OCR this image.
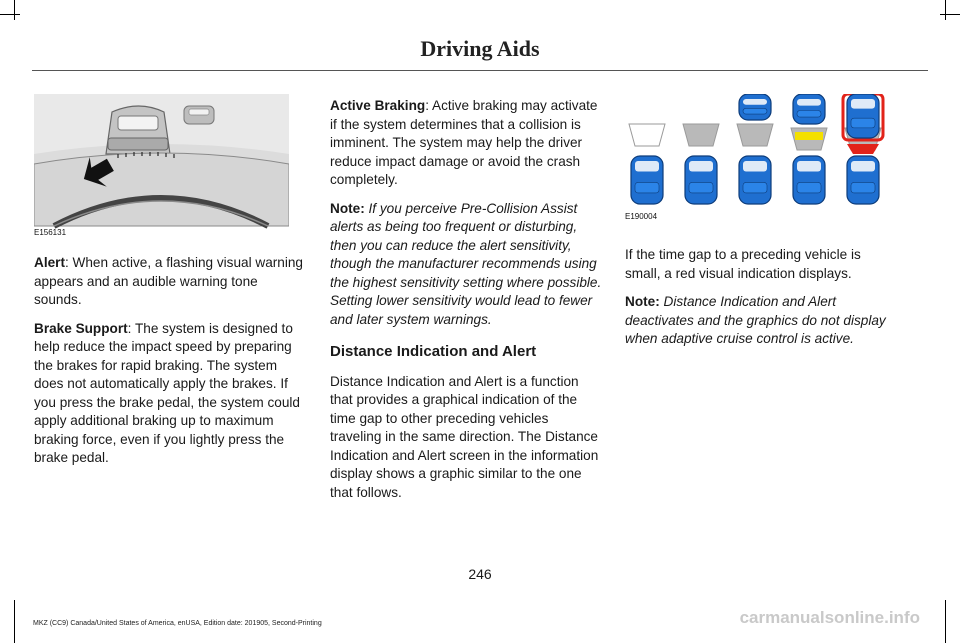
Driving Aids
E156131

Alert: When active, a flashing visual warning appears and an audible warning tone sounds.

Brake Support: The system is designed to help reduce the impact speed by preparing the brakes for rapid braking. The system does not automatically apply the brakes. If you press the brake pedal, the system could apply additional braking up to maximum braking force, even if you lightly press the brake pedal.

Active Braking: Active braking may activate if the system determines that a collision is imminent. The system may help the driver reduce impact damage or avoid the crash completely.

Note: If you perceive Pre-Collision Assist alerts as being too frequent or disturbing, then you can reduce the alert sensitivity, though the manufacturer recommends using the highest sensitivity setting where possible. Setting lower sensitivity would lead to fewer and later system warnings.

Distance Indication and Alert

Distance Indication and Alert is a function that provides a graphical indication of the time gap to other preceding vehicles traveling in the same direction. The Distance Indication and Alert screen in the information display shows a graphic similar to the one that follows.

E190004

If the time gap to a preceding vehicle is small, a red visual indication displays.

Note: Distance Indication and Alert deactivates and the graphics do not display when adaptive cruise control is active.

246
MKZ (CC9) Canada/United States of America, enUSA, Edition date: 201905, Second-Printing	carmanualsonline.info
